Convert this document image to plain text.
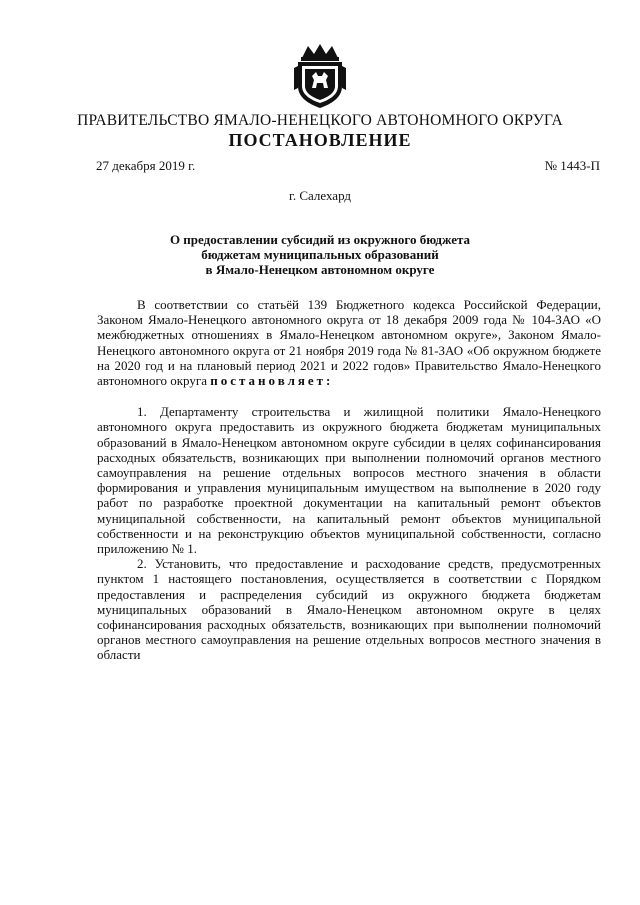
ПРАВИТЕЛЬСТВО ЯМАЛО-НЕНЕЦКОГО АВТОНОМНОГО ОКРУГА
ПОСТАНОВЛЕНИЕ
27 декабря 2019 г.	№ 1443-П
г. Салехард
О предоставлении субсидий из окружного бюджета
бюджетам муниципальных образований
в Ямало-Ненецком автономном округе

В соответствии со статьёй 139 Бюджетного кодекса Российской Федерации, Законом Ямало-Ненецкого автономного округа от 18 декабря 2009 года № 104-ЗАО «О межбюджетных отношениях в Ямало-Ненецком автономном округе», Законом Ямало-Ненецкого автономного округа от 21 ноября 2019 года № 81-ЗАО «Об окружном бюджете на 2020 год и на плановый период 2021 и 2022 годов» Правительство Ямало-Ненецкого автономного округа постановляет:

1. Департаменту строительства и жилищной политики Ямало-Ненецкого автономного округа предоставить из окружного бюджета бюджетам муниципальных образований в Ямало-Ненецком автономном округе субсидии в целях софинансирования расходных обязательств, возникающих при выполнении полномочий органов местного самоуправления на решение отдельных вопросов местного значения в области формирования и управления муниципальным имуществом на выполнение в 2020 году работ по разработке проектной документации на капитальный ремонт объектов муниципальной собственности, на капитальный ремонт объектов муниципальной собственности и на реконструкцию объектов муниципальной собственности, согласно приложению № 1.

2. Установить, что предоставление и расходование средств, предусмотренных пунктом 1 настоящего постановления, осуществляется в соответствии с Порядком предоставления и распределения субсидий из окружного бюджета бюджетам муниципальных образований в Ямало-Ненецком автономном округе в целях софинансирования расходных обязательств, возникающих при выполнении полномочий органов местного самоуправления на решение отдельных вопросов местного значения в области
